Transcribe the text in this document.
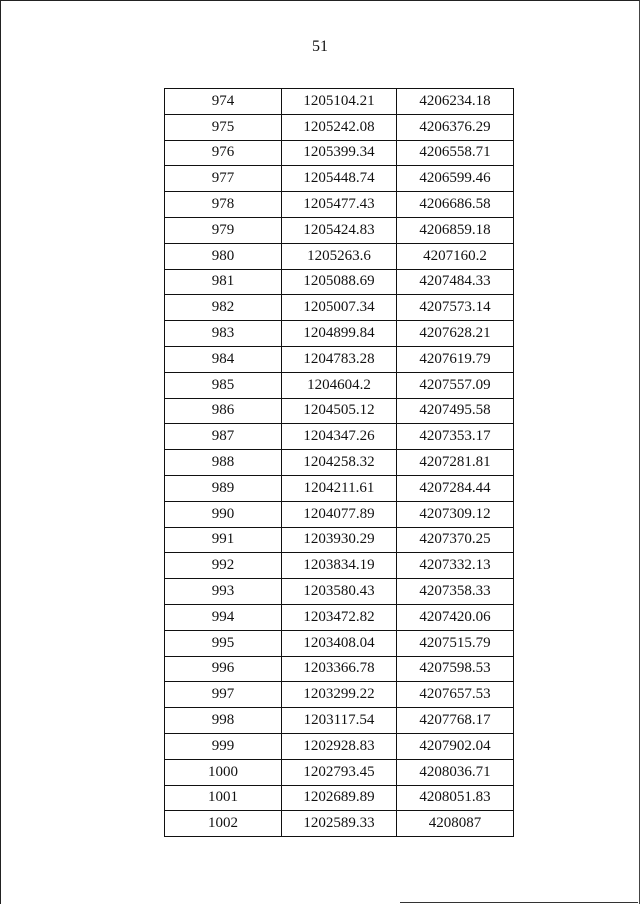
51
974	1205104.21	4206234.18
975	1205242.08	4206376.29
976	1205399.34	4206558.71
977	1205448.74	4206599.46
978	1205477.43	4206686.58
979	1205424.83	4206859.18
980	1205263.6	4207160.2
981	1205088.69	4207484.33
982	1205007.34	4207573.14
983	1204899.84	4207628.21
984	1204783.28	4207619.79
985	1204604.2	4207557.09
986	1204505.12	4207495.58
987	1204347.26	4207353.17
988	1204258.32	4207281.81
989	1204211.61	4207284.44
990	1204077.89	4207309.12
991	1203930.29	4207370.25
992	1203834.19	4207332.13
993	1203580.43	4207358.33
994	1203472.82	4207420.06
995	1203408.04	4207515.79
996	1203366.78	4207598.53
997	1203299.22	4207657.53
998	1203117.54	4207768.17
999	1202928.83	4207902.04
1000	1202793.45	4208036.71
1001	1202689.89	4208051.83
1002	1202589.33	4208087
